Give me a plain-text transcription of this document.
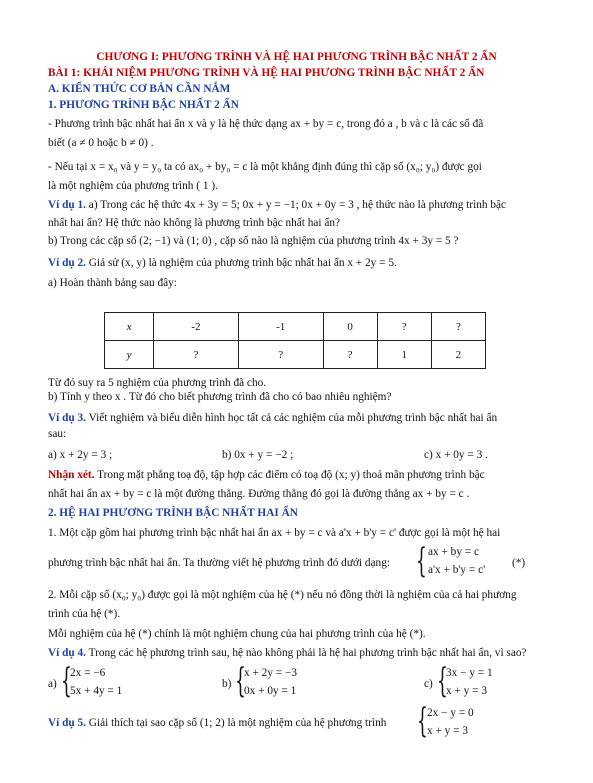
CHƯƠNG I: PHƯƠNG TRÌNH VÀ HỆ HAI PHƯƠNG TRÌNH BẬC NHẤT 2 ẨN
BÀI 1: KHÁI NIỆM PHƯƠNG TRÌNH VÀ HỆ HAI PHƯƠNG TRÌNH BẬC NHẤT 2 ẨN
A. KIẾN THỨC CƠ BẢN CẦN NẮM
1. PHƯƠNG TRÌNH BẬC NHẤT 2 ẨN
- Phương trình bậc nhất hai ẩn x và y là hệ thức dạng ax + by = c, trong đó a , b và c là các số đã
biết (a ≠ 0 hoặc b ≠ 0) .
- Nếu tại x = x₀ và y = y₀ ta có ax₀ + by₀ = c là một khẳng định đúng thì cặp số (x₀; y₀) được gọi
là một nghiệm của phương trình ( 1 ).
Ví dụ 1. a) Trong các hệ thức 4x + 3y = 5; 0x + y = −1; 0x + 0y = 3 , hệ thức nào là phương trình bậc
nhất hai ẩn? Hệ thức nào không là phương trình bậc nhất hai ẩn?
b) Trong các cặp số (2; −1) và (1; 0) , cặp số nào là nghiệm của phương trình 4x + 3y = 5 ?
Ví dụ 2. Giả sử (x, y) là nghiệm của phương trình bậc nhất hai ẩn x + 2y = 5.
a) Hoàn thành bảng sau đây:
x	-2	-1	0	?	?
y	?	?	?	1	2
Từ đó suy ra 5 nghiệm của phương trình đã cho.
b) Tính y theo x . Từ đó cho biết phương trình đã cho có bao nhiêu nghiệm?
Ví dụ 3. Viết nghiệm và biểu diễn hình học tất cả các nghiệm của mỗi phương trình bậc nhất hai ẩn
sau:
a) x + 2y = 3 ;	b) 0x + y = −2 ;	c) x + 0y = 3 .
Nhận xét. Trong mặt phẳng toạ độ, tập hợp các điểm có toạ độ (x; y) thoả mãn phương trình bậc
nhất hai ẩn ax + by = c là một đường thẳng. Đường thẳng đó gọi là đường thẳng ax + by = c .
2. HỆ HAI PHƯƠNG TRÌNH BẬC NHẤT HAI ẨN
1. Một cặp gồm hai phương trình bậc nhất hai ẩn ax + by = c và a'x + b'y = c' được gọi là một hệ hai
phương trình bậc nhất hai ẩn. Ta thường viết hệ phương trình đó dưới dạng: { ax + by = c
a'x + b'y = c'
(*)
2. Mỗi cặp số (x₀; y₀) được gọi là một nghiệm của hệ (*) nếu nó đồng thời là nghiệm của cả hai phương
trình của hệ (*).
Mỗi nghiệm của hệ (*) chính là một nghiệm chung của hai phương trình của hệ (*).
Ví dụ 4. Trong các hệ phương trình sau, hệ nào không phải là hệ hai phương trình bậc nhất hai ẩn, vì sao?
a) {
2x = −6
5x + 4y = 1
b) {
x + 2y = −3
0x + 0y = 1
c) {
3x − y = 1
x + y = 3
Ví dụ 5. Giải thích tại sao cặp số (1; 2) là một nghiệm của hệ phương trình { 2x − y = 0
x + y = 3
